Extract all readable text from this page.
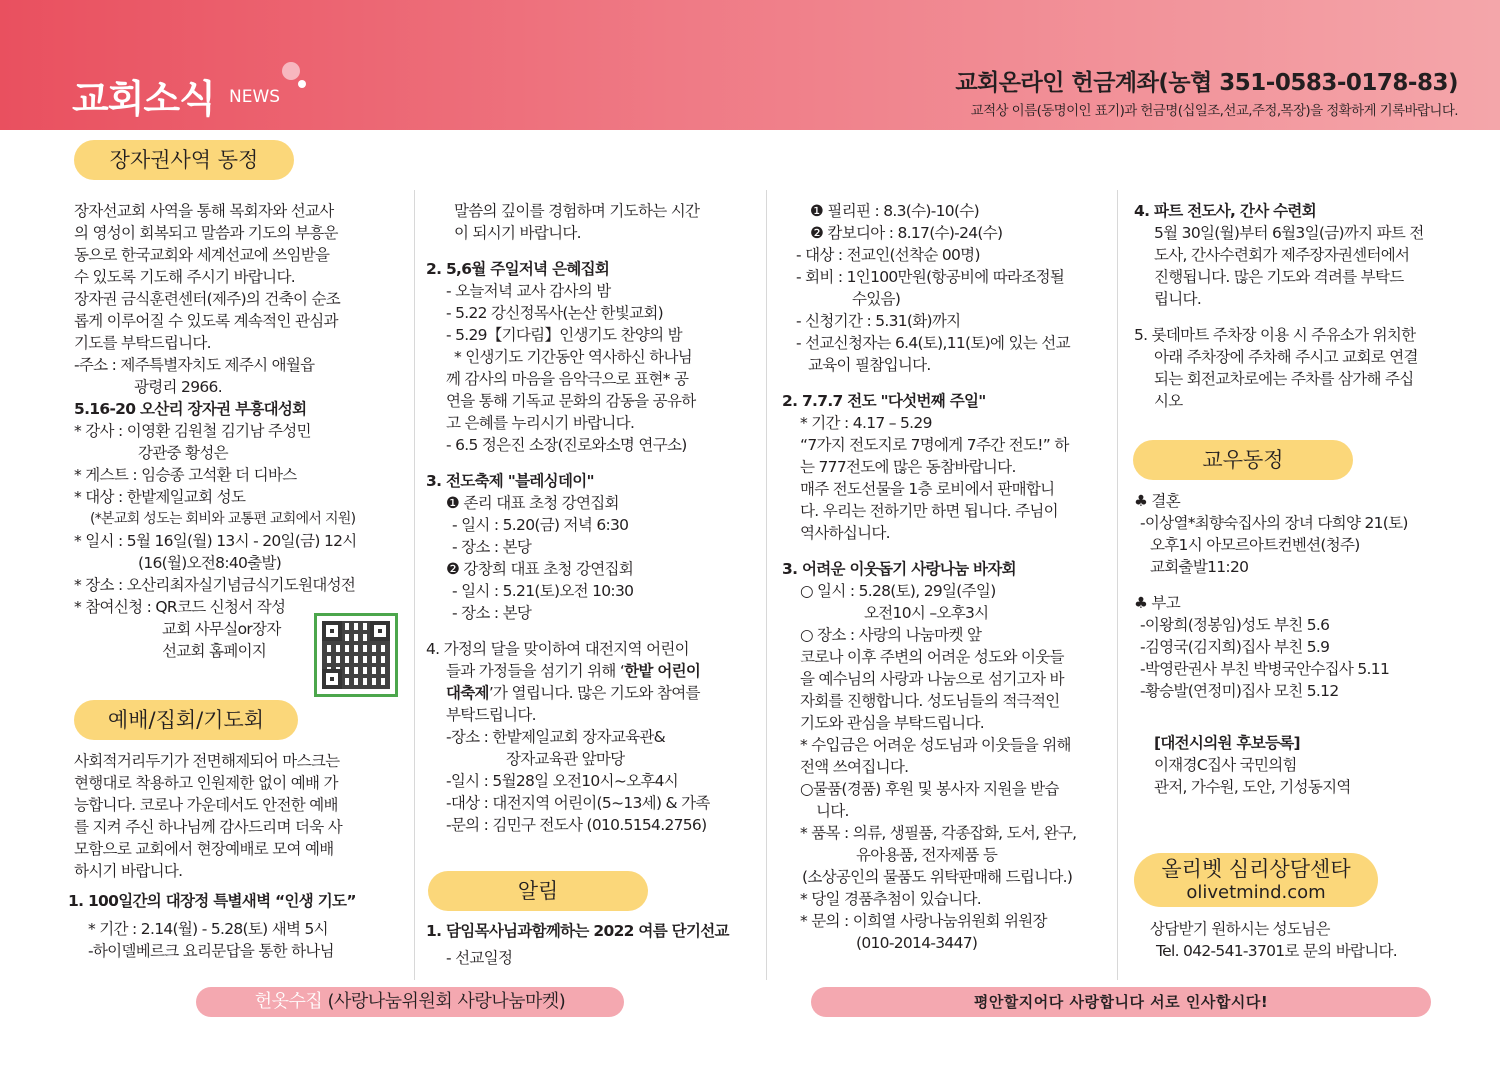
교회소식 NEWS
교회온라인 헌금계좌(농협 351-0583-0178-83)
교적상 이름(동명이인 표기)과 헌금명(십일조,선교,주정,목장)을 정확하게 기록바랍니다.
장자권사역 동정

장자선교회 사역을 통해 목회자와 선교사

의 영성이 회복되고 말씀과 기도의 부흥운

동으로 한국교회와 세계선교에 쓰임받을

수 있도록 기도해 주시기 바랍니다.

장자권 금식훈련센터(제주)의 건축이 순조

롭게 이루어질 수 있도록 계속적인 관심과

기도를 부탁드립니다.

-주소 : 제주특별자치도 제주시 애월읍

광령리 2966.

5.16-20 오산리 장자권 부흥대성회

* 강사 : 이영환 김원철 김기남 주성민

강관중 황성은

* 게스트 : 임승종 고석환 더 디바스

* 대상 : 한밭제일교회 성도

(*본교회 성도는 회비와 교통편 교회에서 지원)

* 일시 : 5월 16일(월) 13시 - 20일(금) 12시

(16(월)오전8:40출발)

* 장소 : 오산리최자실기념금식기도원대성전

* 참여신청 : QR코드 신청서 작성

교회 사무실or장자

선교회 홈페이지

예배/집회/기도회

사회적거리두기가 전면해제되어 마스크는

현행대로 착용하고 인원제한 없이 예배 가

능합니다. 코로나 가운데서도 안전한 예배

를 지켜 주신 하나님께 감사드리며 더욱 사

모함으로 교회에서 현장예배로 모여 예배

하시기 바랍니다.

1. 100일간의 대장정 특별새벽 “인생 기도”

* 기간 : 2.14(월) - 5.28(토) 새벽 5시

-하이델베르크 요리문답을 통한 하나님

말씀의 깊이를 경험하며 기도하는 시간

이 되시기 바랍니다.

2. 5,6월 주일저녁 은혜집회

- 오늘저녁 교사 감사의 밤

- 5.22 강신정목사(논산 한빛교회)

- 5.29【기다림】인생기도 찬양의 밤

* 인생기도 기간동안 역사하신 하나님

께 감사의 마음을 음악극으로 표현* 공

연을 통해 기독교 문화의 감동을 공유하

고 은혜를 누리시기 바랍니다.

- 6.5 정은진 소장(진로와소명 연구소)

3. 전도축제 "블레싱데이"

❶ 존리 대표 초청 강연집회

- 일시 : 5.20(금) 저녁 6:30

- 장소 : 본당

❷ 강창희 대표 초청 강연집회

- 일시 : 5.21(토)오전 10:30

- 장소 : 본당

4. 가정의 달을 맞이하여 대전지역 어린이

들과 가정들을 섬기기 위해 ‘한밭 어린이

대축제’가 열립니다. 많은 기도와 참여를

부탁드립니다.

-장소 : 한밭제일교회 장자교육관&

장자교육관 앞마당

-일시 : 5월28일 오전10시~오후4시

-대상 : 대전지역 어린이(5~13세) & 가족

-문의 : 김민구 전도사 (010.5154.2756)

알림

1. 담임목사님과함께하는 2022 여름 단기선교

- 선교일정

❶ 필리핀 : 8.3(수)-10(수)

❷ 캄보디아 : 8.17(수)-24(수)

- 대상 : 전교인(선착순 00명)

- 회비 : 1인100만원(항공비에 따라조정될

수있음)

- 신청기간 : 5.31(화)까지

- 선교신청자는 6.4(토),11(토)에 있는 선교

교육이 필참입니다.

2. 7.7.7 전도 "다섯번째 주일"

* 기간 : 4.17 – 5.29

“7가지 전도지로 7명에게 7주간 전도!” 하

는 777전도에 많은 동참바랍니다.

매주 전도선물을 1층 로비에서 판매합니

다. 우리는 전하기만 하면 됩니다. 주님이

역사하십니다.

3. 어려운 이웃돕기 사랑나눔 바자회

○ 일시 : 5.28(토), 29일(주일)

오전10시 –오후3시

○ 장소 : 사랑의 나눔마켓 앞

코로나 이후 주변의 어려운 성도와 이웃들

을 예수님의 사랑과 나눔으로 섬기고자 바

자회를 진행합니다. 성도님들의 적극적인

기도와 관심을 부탁드립니다.

* 수입금은 어려운 성도님과 이웃들을 위해

전액 쓰여집니다.

○물품(경품) 후원 및 봉사자 지원을 받습

니다.

* 품목 : 의류, 생필품, 각종잡화, 도서, 완구,

유아용품, 전자제품 등

(소상공인의 물품도 위탁판매해 드립니다.)

* 당일 경품추첨이 있습니다.

* 문의 : 이희열 사랑나눔위원회 위원장

(010-2014-3447)

4. 파트 전도사, 간사 수련회

5월 30일(월)부터 6월3일(금)까지 파트 전

도사, 간사수련회가 제주장자권센터에서

진행됩니다. 많은 기도와 격려를 부탁드

립니다.

5. 롯데마트 주차장 이용 시 주유소가 위치한

아래 주차장에 주차해 주시고 교회로 연결

되는 회전교차로에는 주차를 삼가해 주십

시오

교우동정

♣ 결혼

-이상열*최향숙집사의 장녀 다희양 21(토)

오후1시 아모르아트컨벤션(청주)

교회출발11:20

♣ 부고

-이왕희(정봉임)성도 부친 5.6

-김영국(김지희)집사 부친 5.9

-박영란권사 부친 박병국안수집사 5.11

-황승발(연정미)집사 모친 5.12

[대전시의원 후보등록]

이재경C집사 국민의힘

관저, 가수원, 도안, 기성동지역

올리벳 심리상담센타
olivetmind.com

상담받기 원하시는 성도님은

Tel. 042-541-3701로 문의 바랍니다.

헌옷수집 (사랑나눔위원회 사랑나눔마켓)	평안할지어다 사랑합니다 서로 인사합시다!
